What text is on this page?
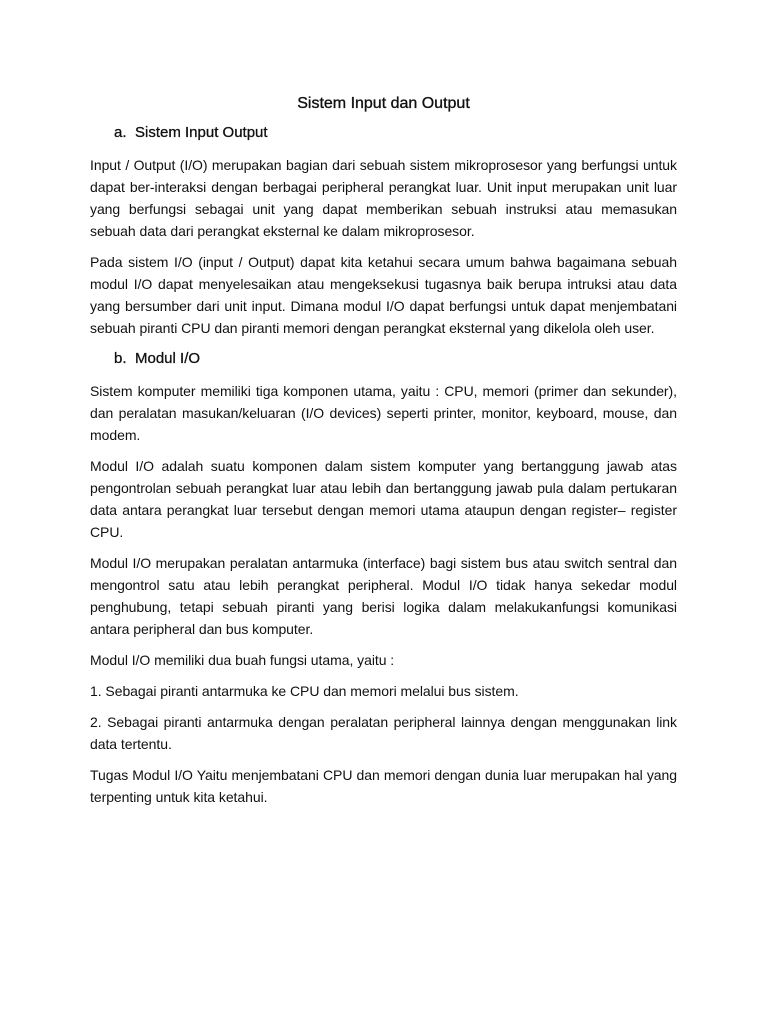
Sistem Input dan Output
a. Sistem Input Output

Input / Output (I/O) merupakan bagian dari sebuah sistem mikroprosesor yang berfungsi untuk dapat ber-interaksi dengan berbagai peripheral perangkat luar. Unit input merupakan unit luar yang berfungsi sebagai unit yang dapat memberikan sebuah instruksi atau memasukan sebuah data dari perangkat eksternal ke dalam mikroprosesor.

Pada sistem I/O (input / Output) dapat kita ketahui secara umum bahwa bagaimana sebuah modul I/O dapat menyelesaikan atau mengeksekusi tugasnya baik berupa intruksi atau data yang bersumber dari unit input. Dimana modul I/O dapat berfungsi untuk dapat menjembatani sebuah piranti CPU dan piranti memori dengan perangkat eksternal yang dikelola oleh user.

b. Modul I/O

Sistem komputer memiliki tiga komponen utama, yaitu : CPU, memori (primer dan sekunder), dan peralatan masukan/keluaran (I/O devices) seperti printer, monitor, keyboard, mouse, dan modem.

Modul I/O adalah suatu komponen dalam sistem komputer yang bertanggung jawab atas pengontrolan sebuah perangkat luar atau lebih dan bertanggung jawab pula dalam pertukaran data antara perangkat luar tersebut dengan memori utama ataupun dengan register– register CPU.

Modul I/O merupakan peralatan antarmuka (interface) bagi sistem bus atau switch sentral dan mengontrol satu atau lebih perangkat peripheral. Modul I/O tidak hanya sekedar modul penghubung, tetapi sebuah piranti yang berisi logika dalam melakukanfungsi komunikasi antara peripheral dan bus komputer.

Modul I/O memiliki dua buah fungsi utama, yaitu :

1. Sebagai piranti antarmuka ke CPU dan memori melalui bus sistem.

2. Sebagai piranti antarmuka dengan peralatan peripheral lainnya dengan menggunakan link data tertentu.

Tugas Modul I/O Yaitu menjembatani CPU dan memori dengan dunia luar merupakan hal yang terpenting untuk kita ketahui.
